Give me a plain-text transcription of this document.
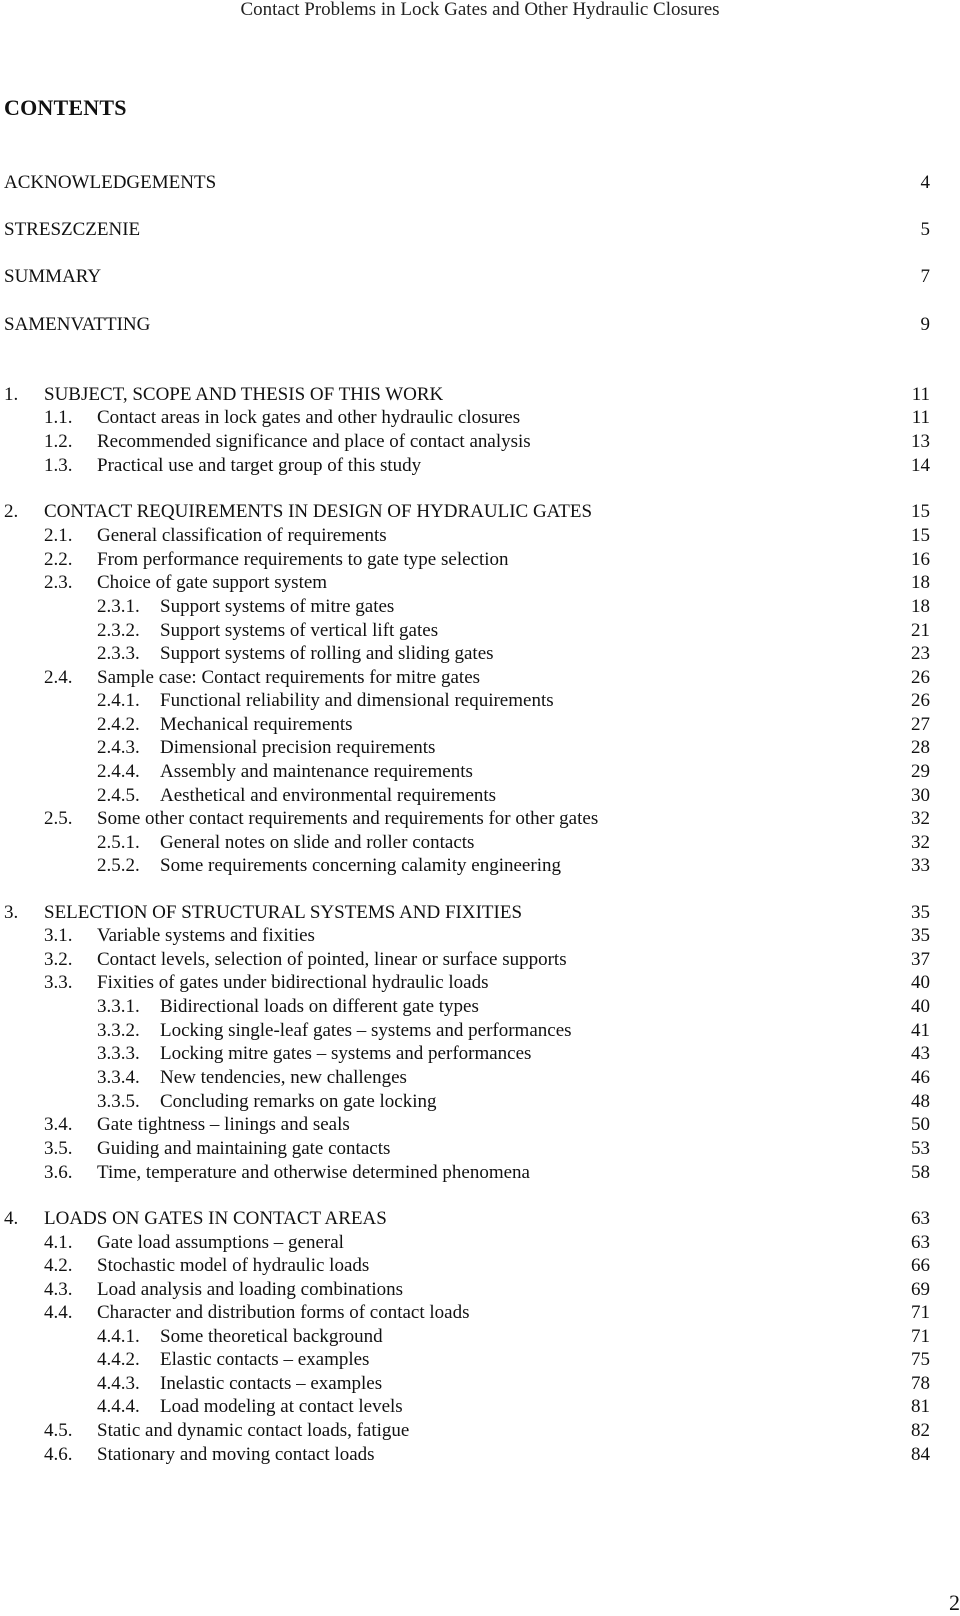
Contact Problems in Lock Gates and Other Hydraulic Closures
CONTENTS
ACKNOWLEDGEMENTS	4
STRESZCZENIE	5
SUMMARY	7
SAMENVATTING	9
1. SUBJECT, SCOPE AND THESIS OF THIS WORK	11
1.1. Contact areas in lock gates and other hydraulic closures	11
1.2. Recommended significance and place of contact analysis	13
1.3. Practical use and target group of this study	14
2. CONTACT REQUIREMENTS IN DESIGN OF HYDRAULIC GATES	15
2.1. General classification of requirements	15
2.2. From performance requirements to gate type selection	16
2.3. Choice of gate support system	18
2.3.1. Support systems of mitre gates	18
2.3.2. Support systems of vertical lift gates	21
2.3.3. Support systems of rolling and sliding gates	23
2.4. Sample case: Contact requirements for mitre gates	26
2.4.1. Functional reliability and dimensional requirements	26
2.4.2. Mechanical requirements	27
2.4.3. Dimensional precision requirements	28
2.4.4. Assembly and maintenance requirements	29
2.4.5. Aesthetical and environmental requirements	30
2.5. Some other contact requirements and requirements for other gates	32
2.5.1. General notes on slide and roller contacts	32
2.5.2. Some requirements concerning calamity engineering	33
3. SELECTION OF STRUCTURAL SYSTEMS AND FIXITIES	35
3.1. Variable systems and fixities	35
3.2. Contact levels, selection of pointed, linear or surface supports	37
3.3. Fixities of gates under bidirectional hydraulic loads	40
3.3.1. Bidirectional loads on different gate types	40
3.3.2. Locking single-leaf gates – systems and performances	41
3.3.3. Locking mitre gates – systems and performances	43
3.3.4. New tendencies, new challenges	46
3.3.5. Concluding remarks on gate locking	48
3.4. Gate tightness – linings and seals	50
3.5. Guiding and maintaining gate contacts	53
3.6. Time, temperature and otherwise determined phenomena	58
4. LOADS ON GATES IN CONTACT AREAS	63
4.1. Gate load assumptions – general	63
4.2. Stochastic model of hydraulic loads	66
4.3. Load analysis and loading combinations	69
4.4. Character and distribution forms of contact loads	71
4.4.1. Some theoretical background	71
4.4.2. Elastic contacts – examples	75
4.4.3. Inelastic contacts – examples	78
4.4.4. Load modeling at contact levels	81
4.5. Static and dynamic contact loads, fatigue	82
4.6. Stationary and moving contact loads	84
2
